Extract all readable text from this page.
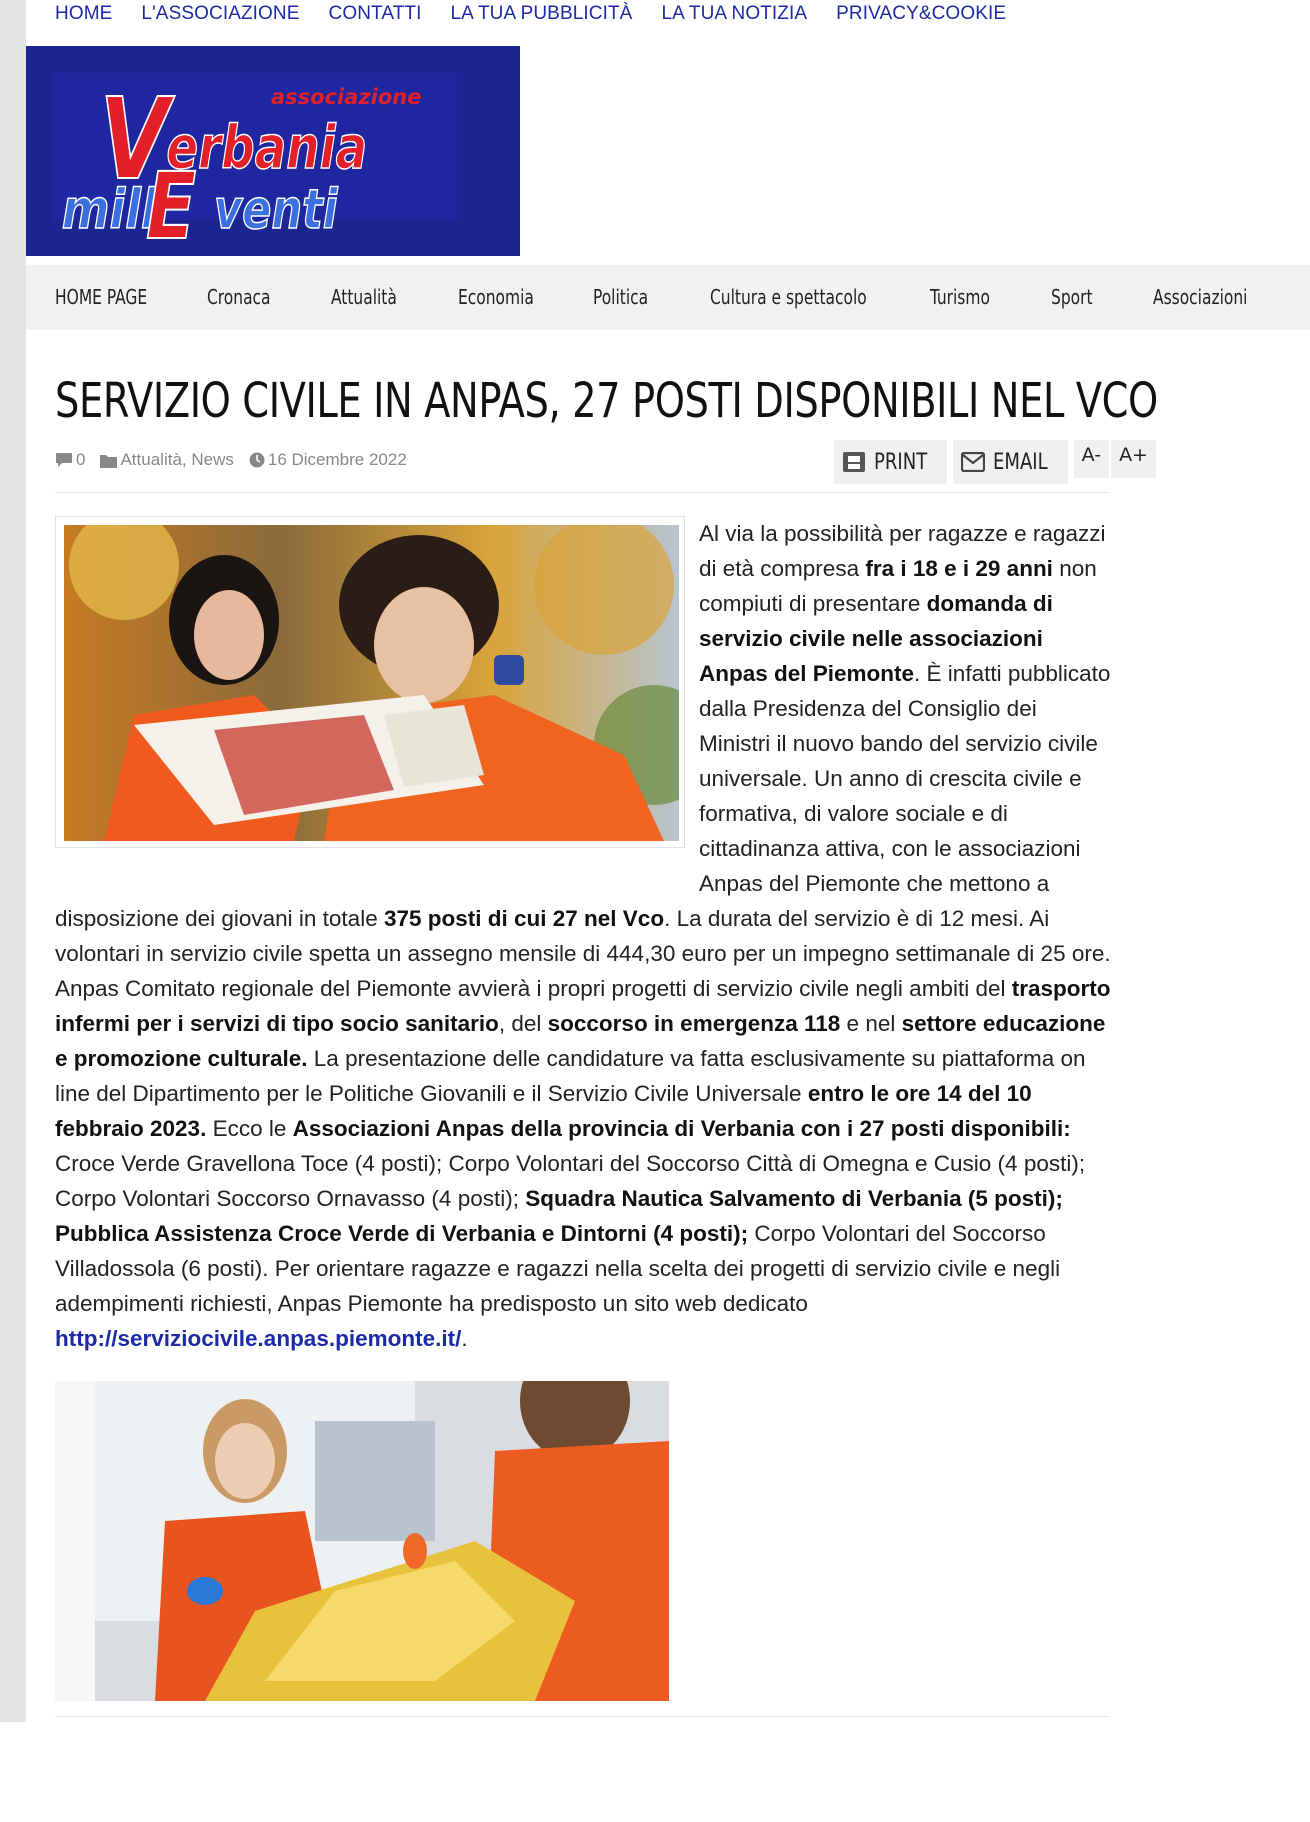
HOME L'ASSOCIAZIONE CONTATTI LA TUA PUBBLICITÀ LA TUA NOTIZIA PRIVACY&COOKIE
associazione
V
erbania
mill
E venti
HOME PAGE	Cronaca	Attualità	Economia	Politica	Cultura e spettacolo	Turismo	Sport	Associazioni
SERVIZIO CIVILE IN ANPAS, 27 POSTI DISPONIBILI NEL VCO
0 Attualità, News 16 Dicembre 2022	PRINT	EMAIL	A- A+

Al via la possibilità per ragazze e ragazzi di età compresa fra i 18 e i 29 anni non compiuti di presentare domanda di servizio civile nelle associazioni Anpas del Piemonte. È infatti pubblicato dalla Presidenza del Consiglio dei Ministri il nuovo bando del servizio civile universale. Un anno di crescita civile e formativa, di valore sociale e di cittadinanza attiva, con le associazioni Anpas del Piemonte che mettono a disposizione dei giovani in totale 375 posti di cui 27 nel Vco. La durata del servizio è di 12 mesi. Ai volontari in servizio civile spetta un assegno mensile di 444,30 euro per un impegno settimanale di 25 ore. Anpas Comitato regionale del Piemonte avvierà i propri progetti di servizio civile negli ambiti del trasporto infermi per i servizi di tipo socio sanitario, del soccorso in emergenza 118 e nel settore educazione e promozione culturale. La presentazione delle candidature va fatta esclusivamente su piattaforma on line del Dipartimento per le Politiche Giovanili e il Servizio Civile Universale entro le ore 14 del 10 febbraio 2023. Ecco le Associazioni Anpas della provincia di Verbania con i 27 posti disponibili: Croce Verde Gravellona Toce (4 posti); Corpo Volontari del Soccorso Città di Omegna e Cusio (4 posti); Corpo Volontari Soccorso Ornavasso (4 posti); Squadra Nautica Salvamento di Verbania (5 posti); Pubblica Assistenza Croce Verde di Verbania e Dintorni (4 posti); Corpo Volontari del Soccorso Villadossola (6 posti). Per orientare ragazze e ragazzi nella scelta dei progetti di servizio civile e negli adempimenti richiesti, Anpas Piemonte ha predisposto un sito web dedicato http://serviziocivile.anpas.piemonte.it/.
